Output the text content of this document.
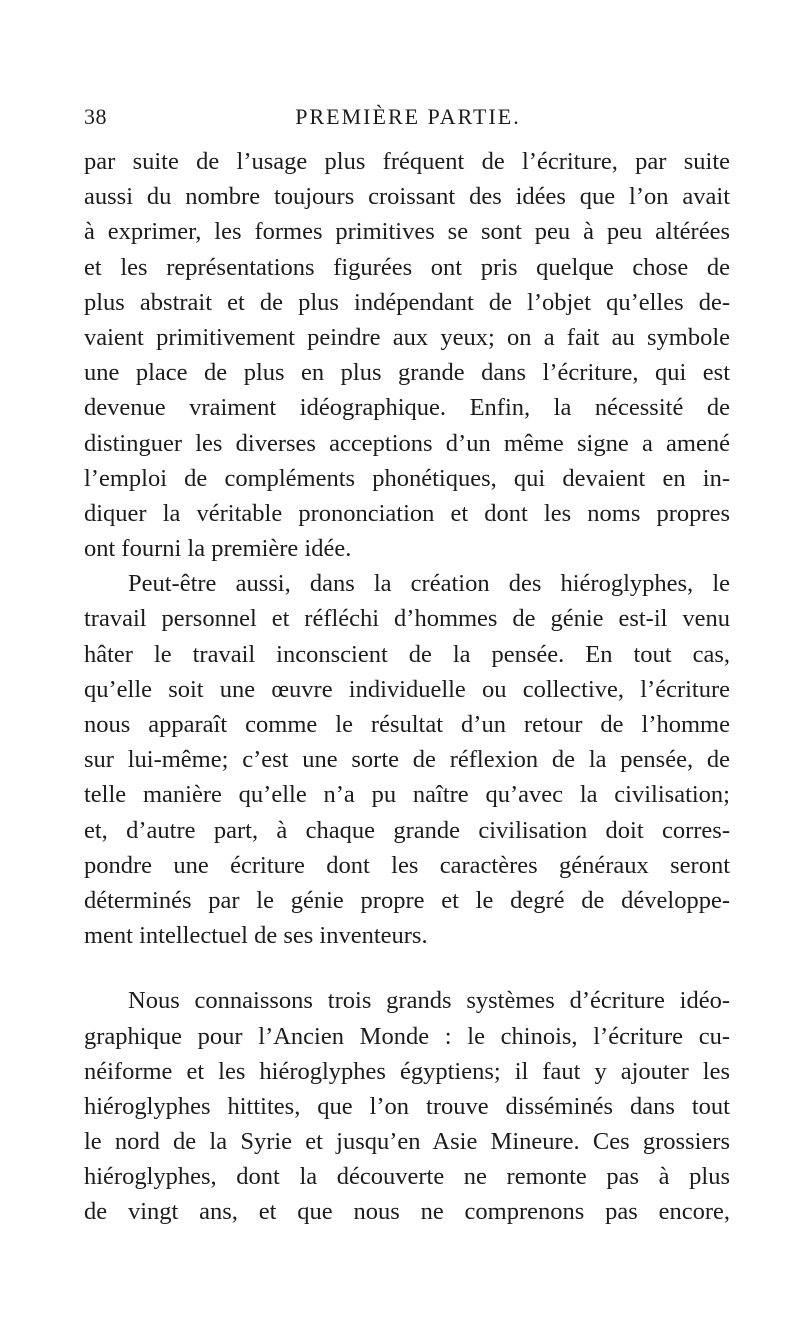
38	PREMIÈRE PARTIE.
par suite de l’usage plus fréquent de l’écriture, par suite
aussi du nombre toujours croissant des idées que l’on avait
à exprimer, les formes primitives se sont peu à peu altérées
et les représentations figurées ont pris quelque chose de
plus abstrait et de plus indépendant de l’objet qu’elles de-
vaient primitivement peindre aux yeux; on a fait au symbole
une place de plus en plus grande dans l’écriture, qui est
devenue vraiment idéographique. Enfin, la nécessité de
distinguer les diverses acceptions d’un même signe a amené
l’emploi de compléments phonétiques, qui devaient en in-
diquer la véritable prononciation et dont les noms propres
ont fourni la première idée.
Peut-être aussi, dans la création des hiéroglyphes, le
travail personnel et réfléchi d’hommes de génie est-il venu
hâter le travail inconscient de la pensée. En tout cas,
qu’elle soit une œuvre individuelle ou collective, l’écriture
nous apparaît comme le résultat d’un retour de l’homme
sur lui-même; c’est une sorte de réflexion de la pensée, de
telle manière qu’elle n’a pu naître qu’avec la civilisation;
et, d’autre part, à chaque grande civilisation doit corres-
pondre une écriture dont les caractères généraux seront
déterminés par le génie propre et le degré de développe-
ment intellectuel de ses inventeurs.
Nous connaissons trois grands systèmes d’écriture idéo-
graphique pour l’Ancien Monde : le chinois, l’écriture cu-
néiforme et les hiéroglyphes égyptiens; il faut y ajouter les
hiéroglyphes hittites, que l’on trouve disséminés dans tout
le nord de la Syrie et jusqu’en Asie Mineure. Ces grossiers
hiéroglyphes, dont la découverte ne remonte pas à plus
de vingt ans, et que nous ne comprenons pas encore,
